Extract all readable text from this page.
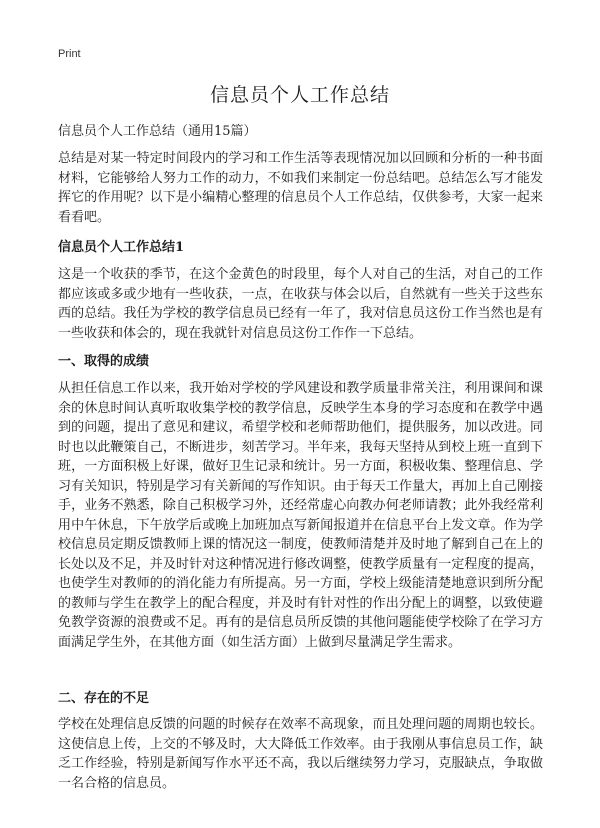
Print
信息员个人工作总结

信息员个人工作总结（通用15篇）

总结是对某一特定时间段内的学习和工作生活等表现情况加以回顾和分析的一种书面材料，它能够给人努力工作的动力，不如我们来制定一份总结吧。总结怎么写才能发挥它的作用呢？以下是小编精心整理的信息员个人工作总结，仅供参考，大家一起来看看吧。

信息员个人工作总结1

这是一个收获的季节，在这个金黄色的时段里，每个人对自己的生活，对自己的工作都应该或多或少地有一些收获，一点，在收获与体会以后，自然就有一些关于这些东西的总结。我任为学校的教学信息员已经有一年了，我对信息员这份工作当然也是有一些收获和体会的，现在我就针对信息员这份工作作一下总结。

一、取得的成绩

从担任信息工作以来，我开始对学校的学风建设和教学质量非常关注，利用课间和课余的休息时间认真听取收集学校的教学信息，反映学生本身的学习态度和在教学中遇到的问题，提出了意见和建议，希望学校和老师帮助他们，提供服务，加以改进。同时也以此鞭策自己，不断进步，刻苦学习。半年来，我每天坚持从到校上班一直到下班，一方面积极上好课，做好卫生记录和统计。另一方面，积极收集、整理信息、学习有关知识，特别是学习有关新闻的写作知识。由于每天工作量大，再加上自己刚接手，业务不熟悉，除自己积极学习外，还经常虚心向教办何老师请教；此外我经常利用中午休息，下午放学后或晚上加班加点写新闻报道并在信息平台上发文章。作为学校信息员定期反馈教师上课的情况这一制度，使教师清楚并及时地了解到自己在上的长处以及不足，并及时针对这种情况进行修改调整，使教学质量有一定程度的提高，也使学生对教师的的消化能力有所提高。另一方面，学校上级能清楚地意识到所分配的教师与学生在教学上的配合程度，并及时有针对性的作出分配上的调整，以致使避免教学资源的浪费或不足。再有的是信息员所反馈的其他问题能使学校除了在学习方面满足学生外，在其他方面（如生活方面）上做到尽量满足学生需求。

二、存在的不足

学校在处理信息反馈的问题的时候存在效率不高现象，而且处理问题的周期也较长。这使信息上传，上交的不够及时，大大降低工作效率。由于我刚从事信息员工作，缺乏工作经验，特别是新闻写作水平还不高，我以后继续努力学习，克服缺点，争取做一名合格的信息员。
